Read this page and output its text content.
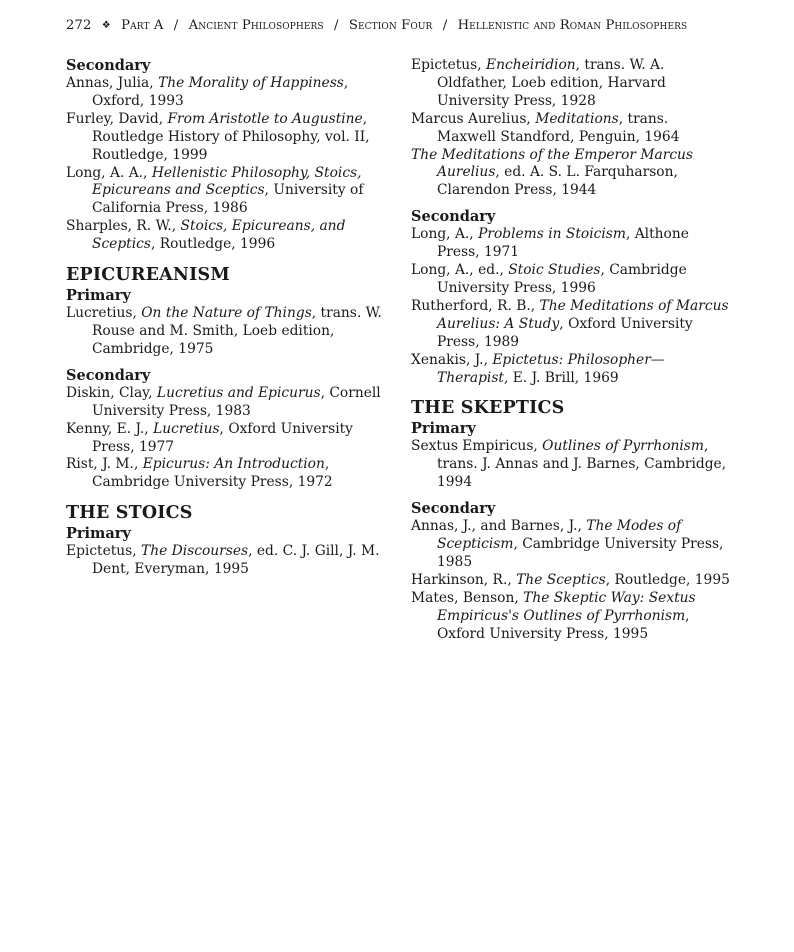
272 ❖ Part A / Ancient Philosophers / Section Four / Hellenistic and Roman Philosophers
Secondary

Annas, Julia, The Morality of Happiness, Oxford, 1993

Furley, David, From Aristotle to Augustine, Routledge History of Philosophy, vol. II, Routledge, 1999

Long, A. A., Hellenistic Philosophy, Stoics, Epicureans and Sceptics, University of California Press, 1986

Sharples, R. W., Stoics, Epicureans, and Sceptics, Routledge, 1996

EPICUREANISM
Primary

Lucretius, On the Nature of Things, trans. W. Rouse and M. Smith, Loeb edition, Cambridge, 1975

Secondary

Diskin, Clay, Lucretius and Epicurus, Cornell University Press, 1983

Kenny, E. J., Lucretius, Oxford University Press, 1977

Rist, J. M., Epicurus: An Introduction, Cambridge University Press, 1972

THE STOICS
Primary

Epictetus, The Discourses, ed. C. J. Gill, J. M. Dent, Everyman, 1995

Epictetus, Encheiridion, trans. W. A. Oldfather, Loeb edition, Harvard University Press, 1928

Marcus Aurelius, Meditations, trans. Maxwell Standford, Penguin, 1964

The Meditations of the Emperor Marcus Aurelius, ed. A. S. L. Farquharson, Clarendon Press, 1944

Secondary

Long, A., Problems in Stoicism, Althone Press, 1971

Long, A., ed., Stoic Studies, Cambridge University Press, 1996

Rutherford, R. B., The Meditations of Marcus Aurelius: A Study, Oxford University Press, 1989

Xenakis, J., Epictetus: Philosopher—Therapist, E. J. Brill, 1969

THE SKEPTICS
Primary

Sextus Empiricus, Outlines of Pyrrhonism, trans. J. Annas and J. Barnes, Cambridge, 1994

Secondary

Annas, J., and Barnes, J., The Modes of Scepticism, Cambridge University Press, 1985

Harkinson, R., The Sceptics, Routledge, 1995

Mates, Benson, The Skeptic Way: Sextus Empiricus's Outlines of Pyrrhonism, Oxford University Press, 1995
